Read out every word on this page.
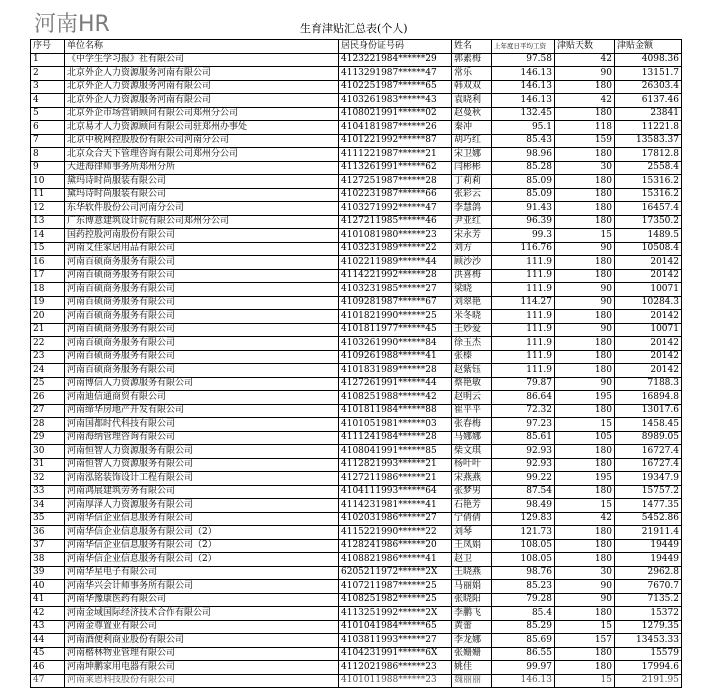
河南HR	生育津贴汇总表(个人)
序号	单位名称	居民身份证号码	姓名	上年度日平均工资	津贴天数	津贴金额
1	《中学生学习报》社有限公司	4123221984******29	郭素梅	97.58	42	4098.36
2	北京外企人力资源服务河南有限公司	4113291987******47	常乐	146.13	90	13151.7
3	北京外企人力资源服务河南有限公司	4102251987******65	韩双双	146.13	180	26303.4
4	北京外企人力资源服务河南有限公司	4103261983******43	袁晓利	146.13	42	6137.46
5	北京外企市场营销顾问有限公司郑州分公司	4108021991******02	赵曼秋	132.45	180	23841
6	北京易才人力资源顾问有限公司驻郑州办事处	4104181987******26	秦冲	95.1	118	11221.8
7	北京中税网控股股份有限公司河南分公司	4101221992******87	胡巧红	85.43	159	13583.37
8	北京众合天下管理咨询有限公司郑州分公司	4111221987******21	宋卫娜	98.96	180	17812.8
9	大进海律师事务所郑州分所	4113261991******62	闫彬彬	85.28	30	2558.4
10	黛玛诗时尚服装有限公司	4127251987******28	丁莉莉	85.09	180	15316.2
11	黛玛诗时尚服装有限公司	4102231987******66	张彩云	85.09	180	15316.2
12	东华软件股份公司河南分公司	4103271992******47	李慧鸽	91.43	180	16457.4
13	广东博意建筑设计院有限公司郑州分公司	4127211985******46	尹亚红	96.39	180	17350.2
14	国药控股河南股份有限公司	4101081980******23	宋永芳	99.3	15	1489.5
15	河南艾佳家居用品有限公司	4103231989******22	刘方	116.76	90	10508.4
16	河南百硕商务服务有限公司	4102211989******44	顾沙沙	111.9	180	20142
17	河南百硕商务服务有限公司	4114221992******28	洪喜梅	111.9	180	20142
18	河南百硕商务服务有限公司	4103231985******27	梁晓	111.9	90	10071
19	河南百硕商务服务有限公司	4109281987******67	刘翠艳	114.27	90	10284.3
20	河南百硕商务服务有限公司	4101821990******25	米冬晓	111.9	180	20142
21	河南百硕商务服务有限公司	4101811977******45	王妙爱	111.9	90	10071
22	河南百硕商务服务有限公司	4103261990******84	徐玉杰	111.9	180	20142
23	河南百硕商务服务有限公司	4109261988******41	张榛	111.9	180	20142
24	河南百硕商务服务有限公司	4101831989******28	赵紫钰	111.9	180	20142
25	河南博信人力资源服务有限公司	4127261991******44	蔡艳敏	79.87	90	7188.3
26	河南迪信通商贸有限公司	4108251988******42	赵明云	86.64	195	16894.8
27	河南缔华房地产开发有限公司	4101811984******88	崔平平	72.32	180	13017.6
28	河南国都时代科技有限公司	4101051981******03	张春梅	97.23	15	1458.45
29	河南海纳管理咨询有限公司	4111241984******28	马娜娜	85.61	105	8989.05
30	河南恒智人力资源服务有限公司	4108041991******85	柴文琪	92.93	180	16727.4
31	河南恒智人力资源服务有限公司	4112821993******21	杨叶叶	92.93	180	16727.4
32	河南泓铭装饰设计工程有限公司	4127211986******21	宋燕燕	99.22	195	19347.9
33	河南鸿展建筑劳务有限公司	4104111993******64	张梦男	87.54	180	15757.2
34	河南厚泽人力资源服务有限公司	4114231981******41	石艳芳	98.49	15	1477.35
35	河南华信企业信息服务有限公司	4102031986******27	宁倩倩	129.83	42	5452.86
36	河南华信企业信息服务有限公司（2）	4115221990******22	刘琴	121.73	180	21911.4
37	河南华信企业信息服务有限公司（2）	4128241986******20	王凤娟	108.05	180	19449
38	河南华信企业信息服务有限公司（2）	4108821986******41	赵卫	108.05	180	19449
39	河南华星电子有限公司	6205211972******2X	王晓燕	98.76	30	2962.8
40	河南华兴会计师事务所有限公司	4107211987******25	马丽娟	85.23	90	7670.7
41	河南华豫康医药有限公司	4108251982******25	张晓阳	79.28	90	7135.2
42	河南金域国际经济技术合作有限公司	4113251992******2X	李鹏飞	85.4	180	15372
43	河南金尊置业有限公司	4101041984******65	黄蕾	85.29	15	1279.35
44	河南酒便利商业股份有限公司	4103811993******27	李龙娜	85.69	157	13453.33
45	河南楷林物业管理有限公司	4104231991******6X	张姗姗	86.55	180	15579
46	河南坤鹏家用电器有限公司	4112021986******23	姚佳	99.97	180	17994.6
47	河南莱恩科技股份有限公司	4101011988******23	魏丽丽	146.13	15	2191.95
